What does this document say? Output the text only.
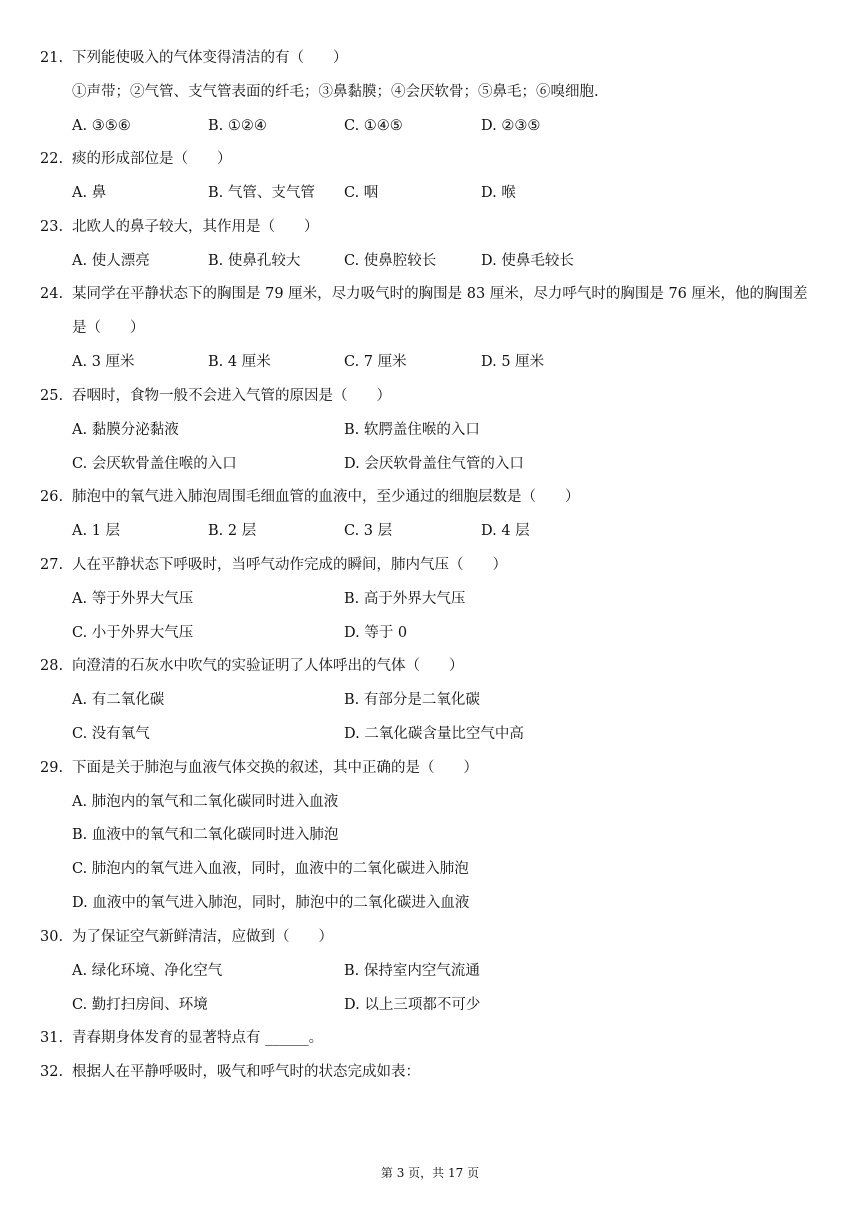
21. 下列能使吸入的气体变得清洁的有（　　）
①声带；②气管、支气管表面的纤毛；③鼻黏膜；④会厌软骨；⑤鼻毛；⑥嗅细胞.
A. ③⑤⑥	B. ①②④	C. ①④⑤	D. ②③⑤
22. 痰的形成部位是（　　）
A. 鼻	B. 气管、支气管 C. 咽	D. 喉
23. 北欧人的鼻子较大，其作用是（　　）
A. 使人漂亮	B. 使鼻孔较大	C. 使鼻腔较长	D. 使鼻毛较长
24. 某同学在平静状态下的胸围是 79 厘米，尽力吸气时的胸围是 83 厘米，尽力呼气时的胸围是 76 厘米，他的胸围差
是（　　）
A. 3 厘米	B. 4 厘米	C. 7 厘米	D. 5 厘米
25. 吞咽时，食物一般不会进入气管的原因是（　　）
A. 黏膜分泌黏液	B. 软腭盖住喉的入口
C. 会厌软骨盖住喉的入口	D. 会厌软骨盖住气管的入口
26. 肺泡中的氧气进入肺泡周围毛细血管的血液中，至少通过的细胞层数是（　　）
A. 1 层	B. 2 层	C. 3 层	D. 4 层
27. 人在平静状态下呼吸时，当呼气动作完成的瞬间，肺内气压（　　）
A. 等于外界大气压	B. 高于外界大气压
C. 小于外界大气压	D. 等于 0
28. 向澄清的石灰水中吹气的实验证明了人体呼出的气体（　　）
A. 有二氧化碳	B. 有部分是二氧化碳
C. 没有氧气	D. 二氧化碳含量比空气中高
29. 下面是关于肺泡与血液气体交换的叙述，其中正确的是（　　）
A. 肺泡内的氧气和二氧化碳同时进入血液
B. 血液中的氧气和二氧化碳同时进入肺泡
C. 肺泡内的氧气进入血液，同时，血液中的二氧化碳进入肺泡
D. 血液中的氧气进入肺泡，同时，肺泡中的二氧化碳进入血液
30. 为了保证空气新鲜清洁，应做到（　　）
A. 绿化环境、净化空气	B. 保持室内空气流通
C. 勤打扫房间、环境	D. 以上三项都不可少
31. 青春期身体发育的显著特点有 ______。
32. 根据人在平静呼吸时，吸气和呼气时的状态完成如表：
第 3 页，共 17 页
